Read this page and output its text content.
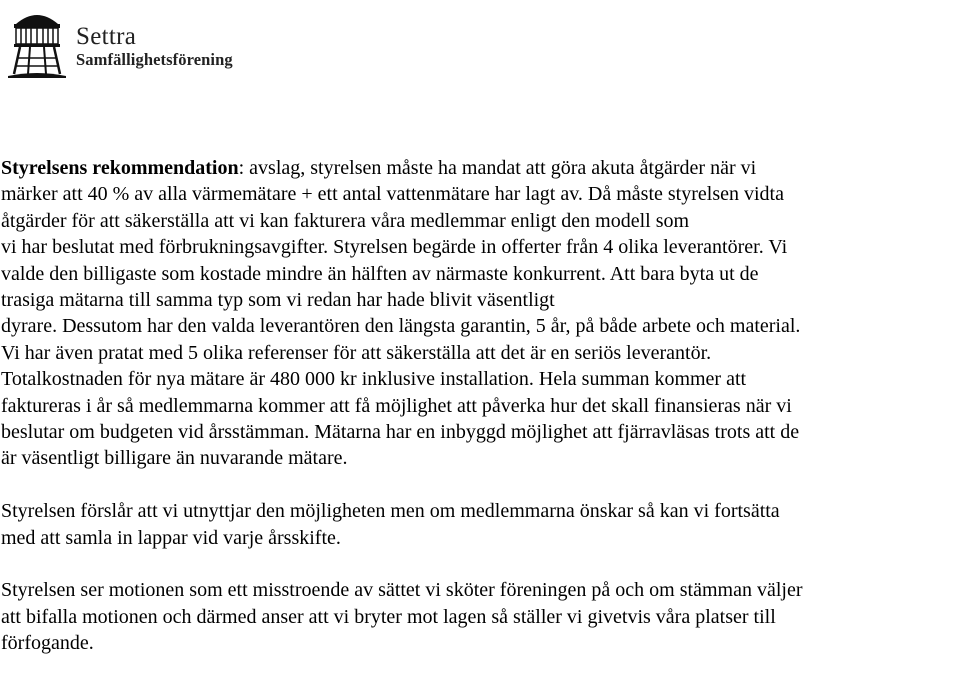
Settra
Samfällighetsförening

Styrelsens rekommendation: avslag, styrelsen måste ha mandat att göra akuta åtgärder när vi
märker att 40 % av alla värmemätare + ett antal vattenmätare har lagt av. Då måste styrelsen vidta
åtgärder för att säkerställa att vi kan fakturera våra medlemmar enligt den modell som
vi har beslutat med förbrukningsavgifter. Styrelsen begärde in offerter från 4 olika leverantörer. Vi
valde den billigaste som kostade mindre än hälften av närmaste konkurrent. Att bara byta ut de
trasiga mätarna till samma typ som vi redan har hade blivit väsentligt
dyrare. Dessutom har den valda leverantören den längsta garantin, 5 år, på både arbete och material.
Vi har även pratat med 5 olika referenser för att säkerställa att det är en seriös leverantör.
Totalkostnaden för nya mätare är 480 000 kr inklusive installation. Hela summan kommer att
faktureras i år så medlemmarna kommer att få möjlighet att påverka hur det skall finansieras när vi
beslutar om budgeten vid årsstämman. Mätarna har en inbyggd möjlighet att fjärravläsas trots att de
är väsentligt billigare än nuvarande mätare.

Styrelsen förslår att vi utnyttjar den möjligheten men om medlemmarna önskar så kan vi fortsätta
med att samla in lappar vid varje årsskifte.

Styrelsen ser motionen som ett misstroende av sättet vi sköter föreningen på och om stämman väljer
att bifalla motionen och därmed anser att vi bryter mot lagen så ställer vi givetvis våra platser till
förfogande.
